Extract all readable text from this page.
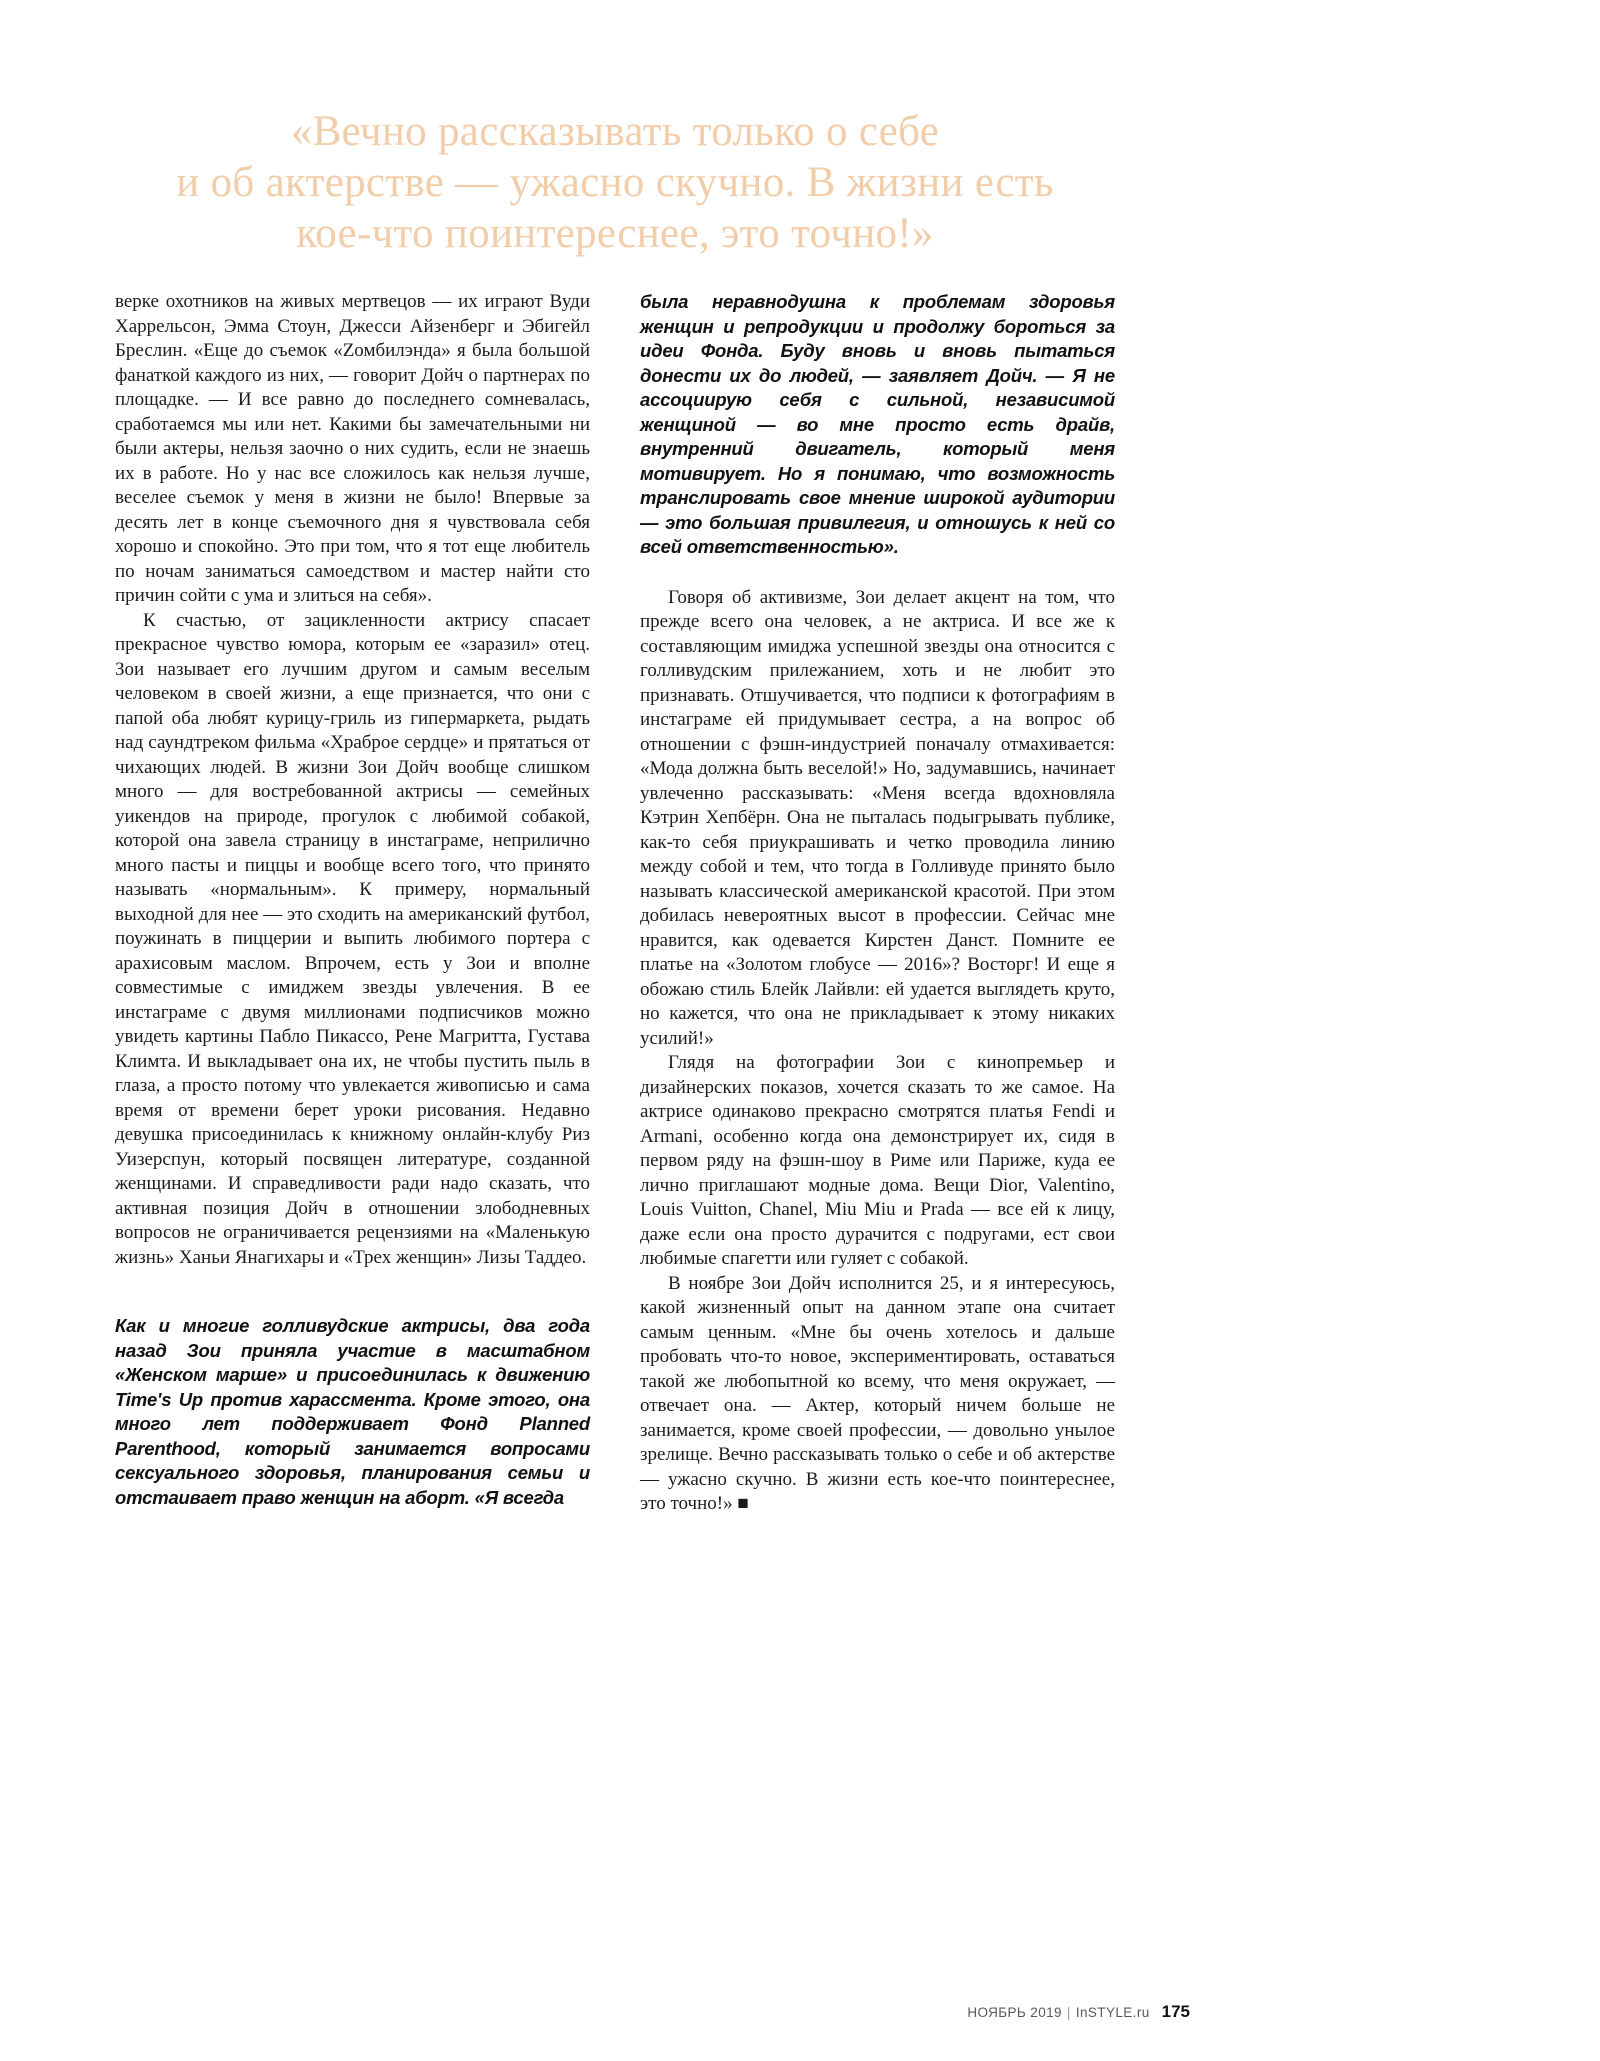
«Вечно рассказывать только о себе
и об актерстве — ужасно скучно. В жизни есть
кое-что поинтереснее, это точно!»

верке охотников на живых мертвецов — их играют Вуди Харрельсон, Эмма Стоун, Джесси Айзенберг и Эбигейл Бреслин. «Еще до съемок «Zомбилэнда» я была большой фанаткой каждого из них, — говорит Дойч о партнерах по площадке. — И все равно до последнего сомневалась, сработаемся мы или нет. Какими бы замечательными ни были актеры, нельзя заочно о них судить, если не знаешь их в работе. Но у нас все сложилось как нельзя лучше, веселее съемок у меня в жизни не было! Впервые за десять лет в конце съемочного дня я чувствовала себя хорошо и спокойно. Это при том, что я тот еще любитель по ночам заниматься самоедством и мастер найти сто причин сойти с ума и злиться на себя».

К счастью, от зацикленности актрису спасает прекрасное чувство юмора, которым ее «заразил» отец. Зои называет его лучшим другом и самым веселым человеком в своей жизни, а еще признается, что они с папой оба любят курицу-гриль из гипермаркета, рыдать над саундтреком фильма «Храброе сердце» и прятаться от чихающих людей. В жизни Зои Дойч вообще слишком много — для востребованной актрисы — семейных уикендов на природе, прогулок с любимой собакой, которой она завела страницу в инстаграме, неприлично много пасты и пиццы и вообще всего того, что принято называть «нормальным». К примеру, нормальный выходной для нее — это сходить на американский футбол, поужинать в пиццерии и выпить любимого портера с арахисовым маслом. Впрочем, есть у Зои и вполне совместимые с имиджем звезды увлечения. В ее инстаграме с двумя миллионами подписчиков можно увидеть картины Пабло Пикассо, Рене Магритта, Густава Климта. И выкладывает она их, не чтобы пустить пыль в глаза, а просто потому что увлекается живописью и сама время от времени берет уроки рисования. Недавно девушка присоединилась к книжному онлайн-клубу Риз Уизерспун, который посвящен литературе, созданной женщинами. И справедливости ради надо сказать, что активная позиция Дойч в отношении злободневных вопросов не ограничивается рецензиями на «Маленькую жизнь» Ханьи Янагихары и «Трех женщин» Лизы Таддео.

Как и многие голливудские актрисы, два года назад Зои приняла участие в масштабном «Женском марше» и присоединилась к движению Time's Up против харассмента. Кроме этого, она много лет поддерживает Фонд Planned Parenthood, который занимается вопросами сексуального здоровья, планирования семьи и отстаивает право женщин на аборт. «Я всегда

была неравнодушна к проблемам здоровья женщин и репродукции и продолжу бороться за идеи Фонда. Буду вновь и вновь пытаться донести их до людей, — заявляет Дойч. — Я не ассоциирую себя с сильной, независимой женщиной — во мне просто есть драйв, внутренний двигатель, который меня мотивирует. Но я понимаю, что возможность транслировать свое мнение широкой аудитории — это большая привилегия, и отношусь к ней со всей ответственностью».

Говоря об активизме, Зои делает акцент на том, что прежде всего она человек, а не актриса. И все же к составляющим имиджа успешной звезды она относится с голливудским прилежанием, хоть и не любит это признавать. Отшучивается, что подписи к фотографиям в инстаграме ей придумывает сестра, а на вопрос об отношении с фэшн-индустрией поначалу отмахивается: «Мода должна быть веселой!» Но, задумавшись, начинает увлеченно рассказывать: «Меня всегда вдохновляла Кэтрин Хепбёрн. Она не пыталась подыгрывать публике, как-то себя приукрашивать и четко проводила линию между собой и тем, что тогда в Голливуде принято было называть классической американской красотой. При этом добилась невероятных высот в профессии. Сейчас мне нравится, как одевается Кирстен Данст. Помните ее платье на «Золотом глобусе — 2016»? Восторг! И еще я обожаю стиль Блейк Лайвли: ей удается выглядеть круто, но кажется, что она не прикладывает к этому никаких усилий!»

Глядя на фотографии Зои с кинопремьер и дизайнерских показов, хочется сказать то же самое. На актрисе одинаково прекрасно смотрятся платья Fendi и Armani, особенно когда она демонстрирует их, сидя в первом ряду на фэшн-шоу в Риме или Париже, куда ее лично приглашают модные дома. Вещи Dior, Valentino, Louis Vuitton, Chanel, Miu Miu и Prada — все ей к лицу, даже если она просто дурачится с подругами, ест свои любимые спагетти или гуляет с собакой.

В ноябре Зои Дойч исполнится 25, и я интересуюсь, какой жизненный опыт на данном этапе она считает самым ценным. «Мне бы очень хотелось и дальше пробовать что-то новое, экспериментировать, оставаться такой же любопытной ко всему, что меня окружает, — отвечает она. — Актер, который ничем больше не занимается, кроме своей профессии, — довольно унылое зрелище. Вечно рассказывать только о себе и об актерстве — ужасно скучно. В жизни есть кое-что поинтереснее, это точно!» ■

НОЯБРЬ 2019 | InSTYLE.ru 175
